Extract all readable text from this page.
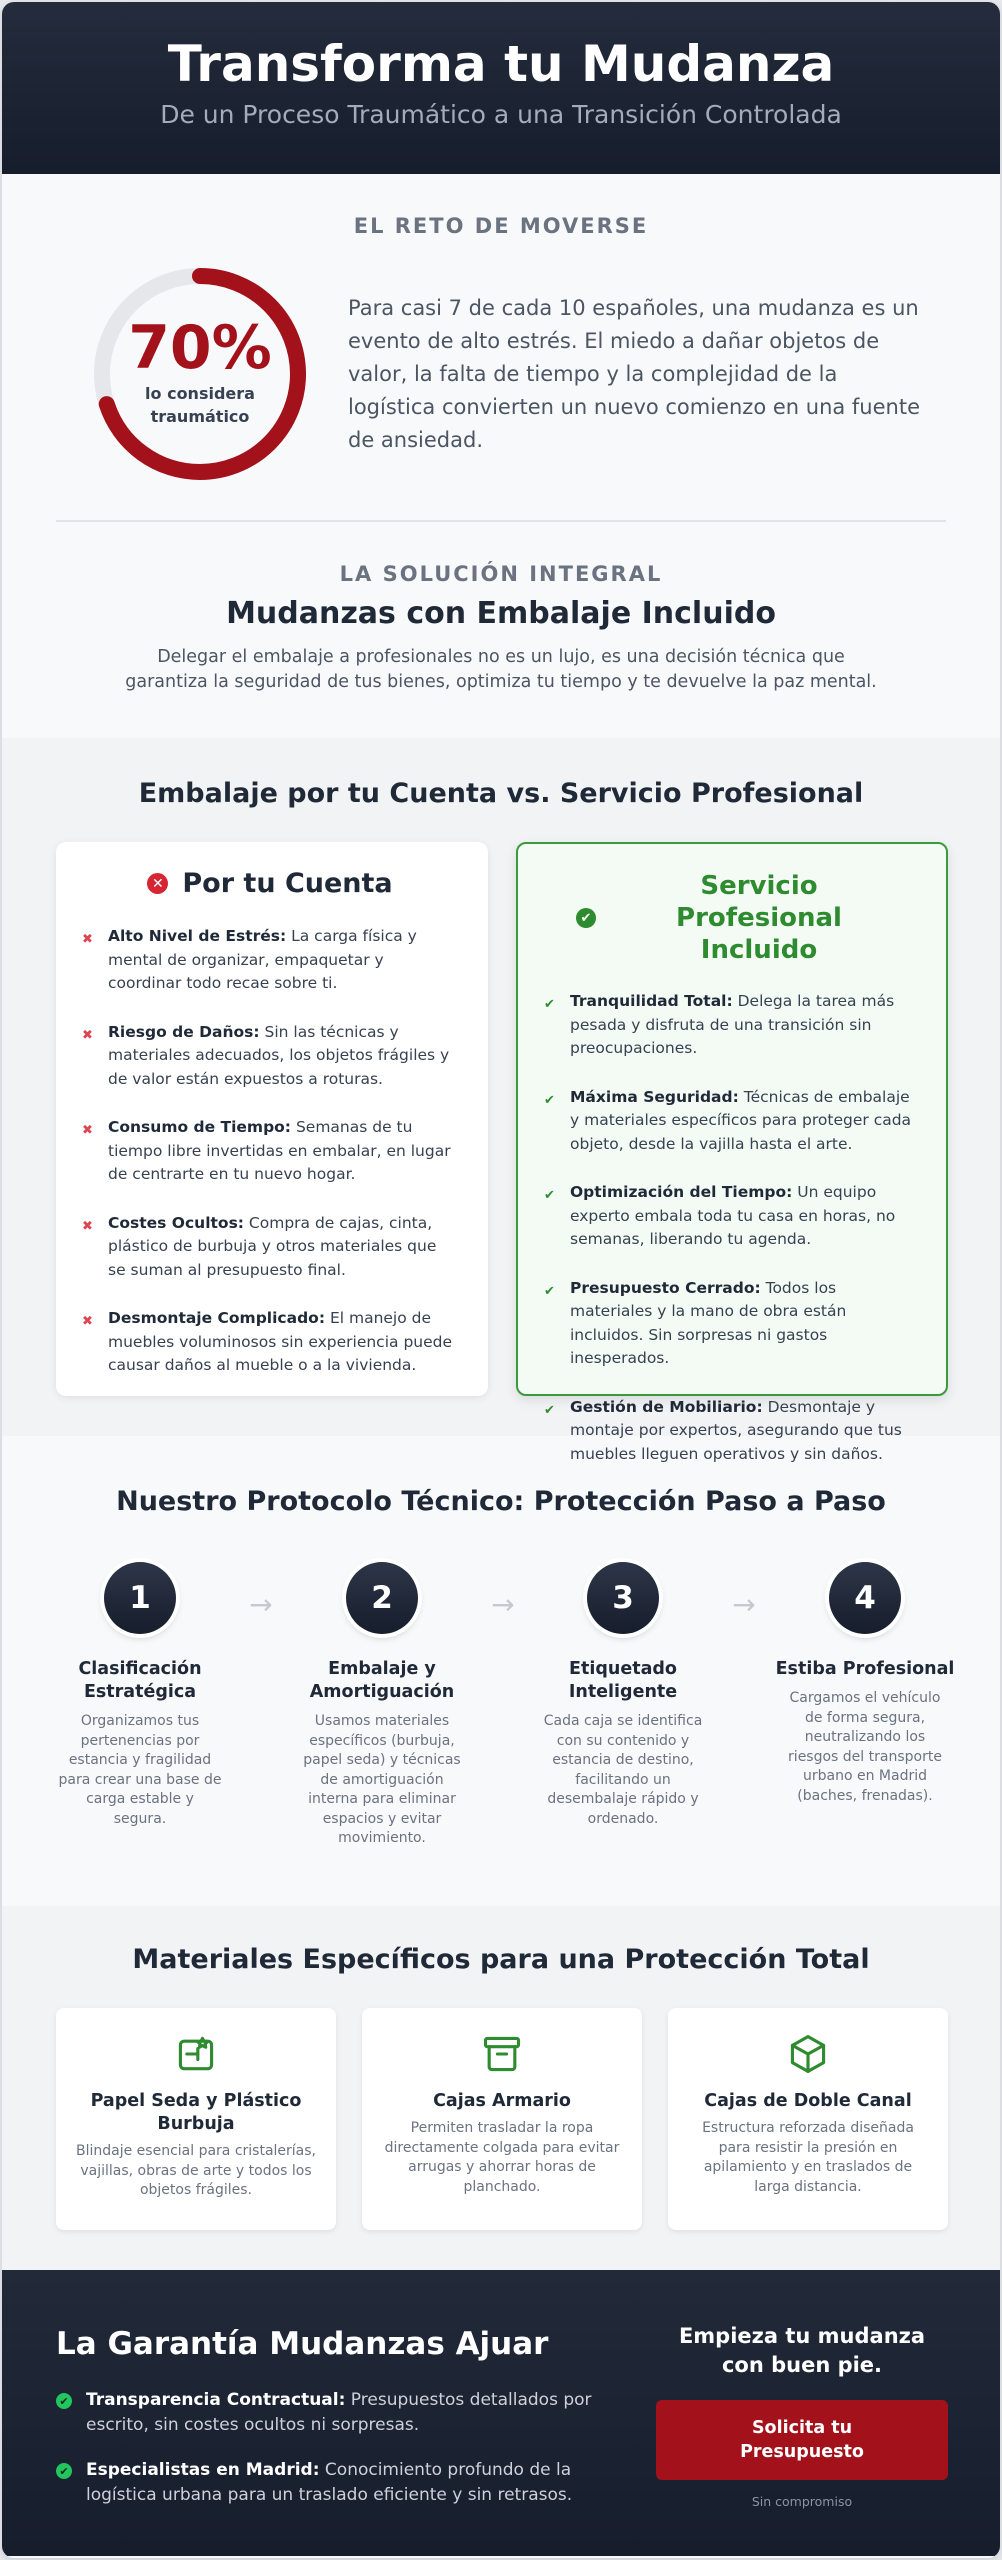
Transforma tu Mudanza

De un Proceso Traumático a una Transición Controlada

EL RETO DE MOVERSE
70%
lo considera traumático

Para casi 7 de cada 10 españoles, una mudanza es un evento de alto estrés. El miedo a dañar objetos de valor, la falta de tiempo y la complejidad de la logística convierten un nuevo comienzo en una fuente de ansiedad.

LA SOLUCIÓN INTEGRAL
Mudanzas con Embalaje Incluido

Delegar el embalaje a profesionales no es un lujo, es una decisión técnica que garantiza la seguridad de tus bienes, optimiza tu tiempo y te devuelve la paz mental.

Embalaje por tu Cuenta vs. Servicio Profesional
✕ Por tu Cuenta
✖ Alto Nivel de Estrés: La carga física y mental de organizar, empaquetar y coordinar todo recae sobre ti.
✖ Riesgo de Daños: Sin las técnicas y materiales adecuados, los objetos frágiles y de valor están expuestos a roturas.
✖ Consumo de Tiempo: Semanas de tu tiempo libre invertidas en embalar, en lugar de centrarte en tu nuevo hogar.
✖ Costes Ocultos: Compra de cajas, cinta, plástico de burbuja y otros materiales que se suman al presupuesto final.
✖ Desmontaje Complicado: El manejo de muebles voluminosos sin experiencia puede causar daños al mueble o a la vivienda.
✔
Servicio Profesional Incluido
✔ Tranquilidad Total: Delega la tarea más pesada y disfruta de una transición sin preocupaciones.
✔ Máxima Seguridad: Técnicas de embalaje y materiales específicos para proteger cada objeto, desde la vajilla hasta el arte.
✔ Optimización del Tiempo: Un equipo experto embala toda tu casa en horas, no semanas, liberando tu agenda.
✔ Presupuesto Cerrado: Todos los materiales y la mano de obra están incluidos. Sin sorpresas ni gastos inesperados.
✔ Gestión de Mobiliario: Desmontaje y montaje por expertos, asegurando que tus muebles lleguen operativos y sin daños.
Nuestro Protocolo Técnico: Protección Paso a Paso
1
Clasificación Estratégica

Organizamos tus pertenencias por estancia y fragilidad para crear una base de carga estable y segura.

→	2
Embalaje y Amortiguación

Usamos materiales específicos (burbuja, papel seda) y técnicas de amortiguación interna para eliminar espacios y evitar movimiento.

→	3
Etiquetado Inteligente

Cada caja se identifica con su contenido y estancia de destino, facilitando un desembalaje rápido y ordenado.

→	4
Estiba Profesional

Cargamos el vehículo de forma segura, neutralizando los riesgos del transporte urbano en Madrid (baches, frenadas).

Materiales Específicos para una Protección Total
Papel Seda y Plástico Burbuja

Blindaje esencial para cristalerías, vajillas, obras de arte y todos los objetos frágiles.

Cajas Armario

Permiten trasladar la ropa directamente colgada para evitar arrugas y ahorrar horas de planchado.

Cajas de Doble Canal

Estructura reforzada diseñada para resistir la presión en apilamiento y en traslados de larga distancia.

La Garantía Mudanzas Ajuar
✔ Transparencia Contractual: Presupuestos detallados por escrito, sin costes ocultos ni sorpresas.
✔ Especialistas en Madrid: Conocimiento profundo de la logística urbana para un traslado eficiente y sin retrasos.
Empieza tu mudanza con buen pie.
Solicita tu Presupuesto
Sin compromiso
